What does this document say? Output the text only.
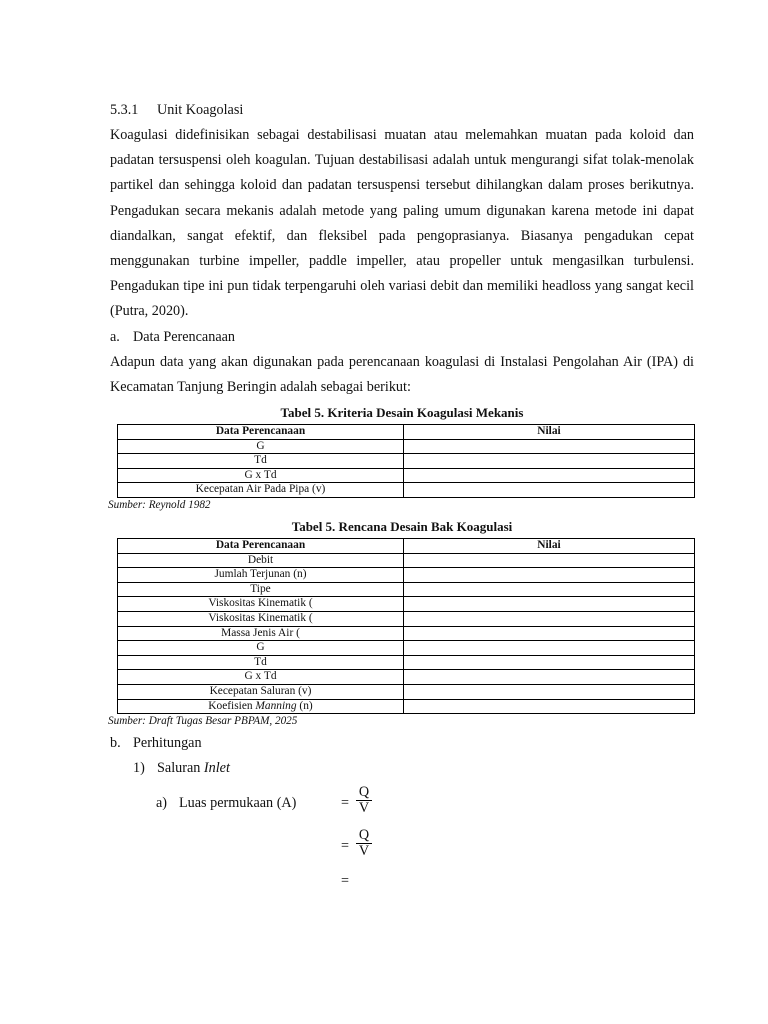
5.3.1 Unit Koagolasi

Koagulasi didefinisikan sebagai destabilisasi muatan atau melemahkan muatan pada koloid dan padatan tersuspensi oleh koagulan. Tujuan destabilisasi adalah untuk mengurangi sifat tolak-menolak partikel dan sehingga koloid dan padatan tersuspensi tersebut dihilangkan dalam proses berikutnya. Pengadukan secara mekanis adalah metode yang paling umum digunakan karena metode ini dapat diandalkan, sangat efektif, dan fleksibel pada pengoprasianya. Biasanya pengadukan cepat menggunakan turbine impeller, paddle impeller, atau propeller untuk mengasilkan turbulensi. Pengadukan tipe ini pun tidak terpengaruhi oleh variasi debit dan memiliki headloss yang sangat kecil (Putra, 2020).

a. Data Perencanaan

Adapun data yang akan digunakan pada perencanaan koagulasi di Instalasi Pengolahan Air (IPA) di Kecamatan Tanjung Beringin adalah sebagai berikut:

Tabel 5. Kriteria Desain Koagulasi Mekanis
Data Perencanaan	Nilai
G	
Td	
G x Td	
Kecepatan Air Pada Pipa (v)	
Sumber: Reynold 1982
Tabel 5. Rencana Desain Bak Koagulasi
Data Perencanaan	Nilai
Debit	
Jumlah Terjunan (n)	
Tipe	
Viskositas Kinematik (	
Viskositas Kinematik (	
Massa Jenis Air (	
G	
Td	
G x Td	
Kecepatan Saluran (v)	
Koefisien Manning (n)	
Sumber: Draft Tugas Besar PBPAM, 2025
b. Perhitungan
1) Saluran Inlet
a) Luas permukaan (A)	=
Q
V
=
Q
V
=
